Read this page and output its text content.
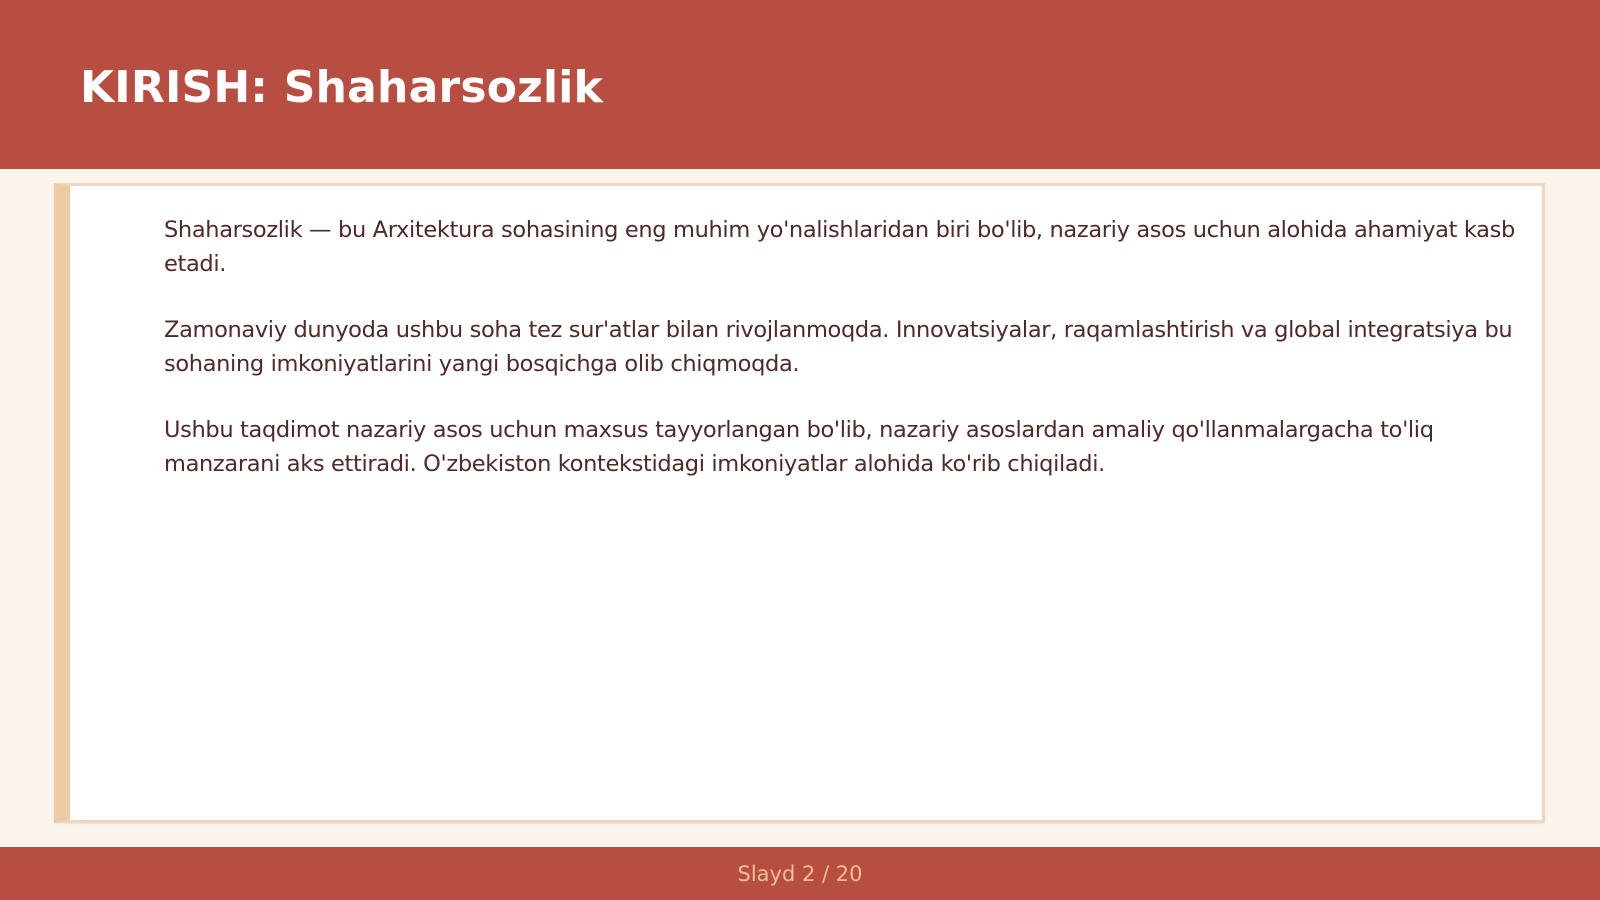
KIRISH: Shaharsozlik

Shaharsozlik — bu Arxitektura sohasining eng muhim yo'nalishlaridan biri bo'lib, nazariy asos uchun alohida ahamiyat kasb etadi.

Zamonaviy dunyoda ushbu soha tez sur'atlar bilan rivojlanmoqda. Innovatsiyalar, raqamlashtirish va global integratsiya bu sohaning imkoniyatlarini yangi bosqichga olib chiqmoqda.

Ushbu taqdimot nazariy asos uchun maxsus tayyorlangan bo'lib, nazariy asoslardan amaliy qo'llanmalargacha to'liq manzarani aks ettiradi. O'zbekiston kontekstidagi imkoniyatlar alohida ko'rib chiqiladi.

Slayd 2 / 20
